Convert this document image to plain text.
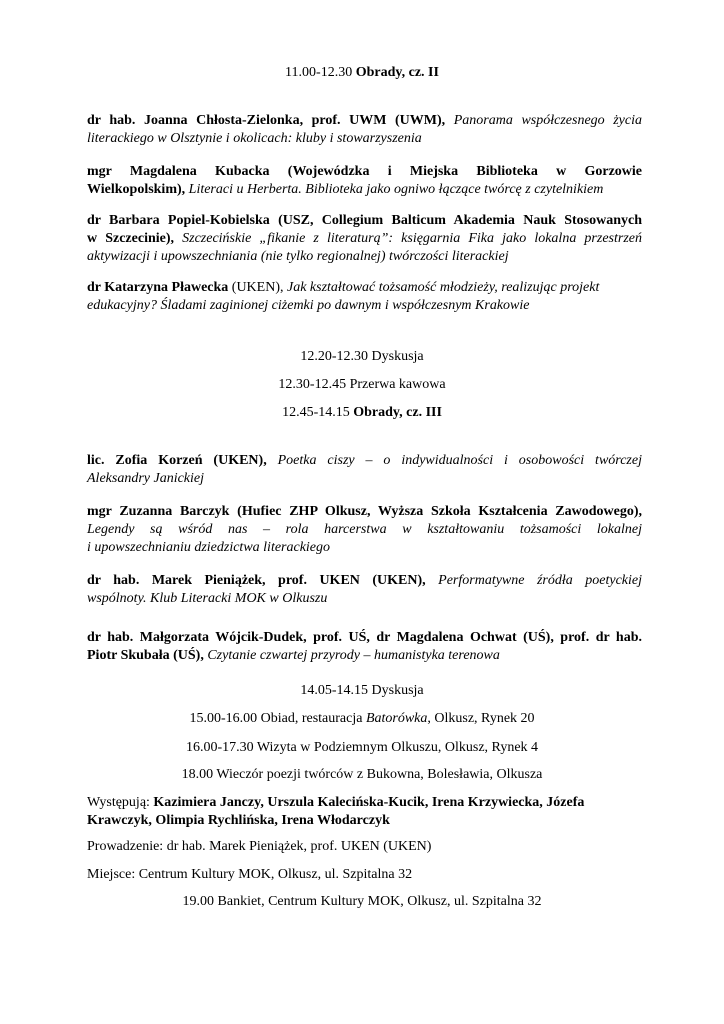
11.00-12.30 Obrady, cz. II
dr hab. Joanna Chłosta-Zielonka, prof. UWM (UWM), Panorama współczesnego życia
literackiego w Olsztynie i okolicach: kluby i stowarzyszenia
mgr Magdalena Kubacka (Wojewódzka i Miejska Biblioteka w Gorzowie
Wielkopolskim), Literaci u Herberta. Biblioteka jako ogniwo łączące twórcę z czytelnikiem
dr Barbara Popiel-Kobielska (USZ, Collegium Balticum Akademia Nauk Stosowanych
w Szczecinie), Szczecińskie „fikanie z literaturą”: księgarnia Fika jako lokalna przestrzeń
aktywizacji i upowszechniania (nie tylko regionalnej) twórczości literackiej
dr Katarzyna Pławecka (UKEN), Jak kształtować tożsamość młodzieży, realizując projekt
edukacyjny? Śladami zaginionej ciżemki po dawnym i współczesnym Krakowie
12.20-12.30 Dyskusja
12.30-12.45 Przerwa kawowa
12.45-14.15 Obrady, cz. III
lic. Zofia Korzeń (UKEN), Poetka ciszy – o indywidualności i osobowości twórczej
Aleksandry Janickiej
mgr Zuzanna Barczyk (Hufiec ZHP Olkusz, Wyższa Szkoła Kształcenia Zawodowego),
Legendy są wśród nas – rola harcerstwa w kształtowaniu tożsamości lokalnej
i upowszechnianiu dziedzictwa literackiego
dr hab. Marek Pieniążek, prof. UKEN (UKEN), Performatywne źródła poetyckiej
wspólnoty. Klub Literacki MOK w Olkuszu
dr hab. Małgorzata Wójcik-Dudek, prof. UŚ, dr Magdalena Ochwat (UŚ), prof. dr hab.
Piotr Skubała (UŚ), Czytanie czwartej przyrody – humanistyka terenowa
14.05-14.15 Dyskusja
15.00-16.00 Obiad, restauracja Batorówka, Olkusz, Rynek 20
16.00-17.30 Wizyta w Podziemnym Olkuszu, Olkusz, Rynek 4
18.00 Wieczór poezji twórców z Bukowna, Bolesławia, Olkusza
Występują: Kazimiera Janczy, Urszula Kalecińska-Kucik, Irena Krzywiecka, Józefa
Krawczyk, Olimpia Rychlińska, Irena Włodarczyk
Prowadzenie: dr hab. Marek Pieniążek, prof. UKEN (UKEN)
Miejsce: Centrum Kultury MOK, Olkusz, ul. Szpitalna 32
19.00 Bankiet, Centrum Kultury MOK, Olkusz, ul. Szpitalna 32
